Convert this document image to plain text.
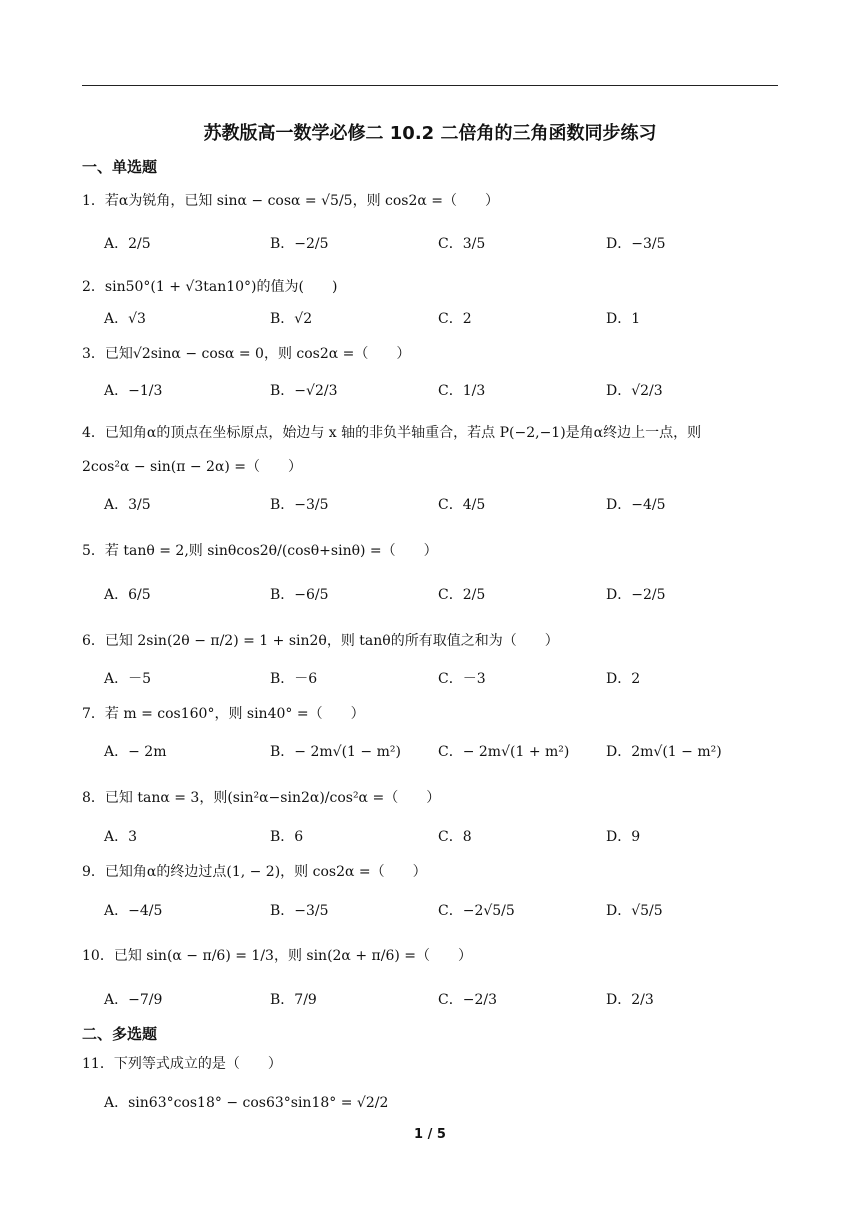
苏教版高一数学必修二 10.2 二倍角的三角函数同步练习
一、单选题
二、多选题
1．若α为锐角，已知 sinα − cosα = √5/5，则 cos2α =（　　）
2．sin50°(1 + √3tan10°)的值为(　　)
3．已知√2sinα − cosα = 0，则 cos2α =（　　）
4．已知角α的顶点在坐标原点，始边与 x 轴的非负半轴重合，若点 P(−2,−1)是角α终边上一点，则
2cos²α − sin(π − 2α) =（　　）
5．若 tanθ = 2,则 sinθcos2θ/(cosθ+sinθ) =（　　）
6．已知 2sin(2θ − π/2) = 1 + sin2θ，则 tanθ的所有取值之和为（　　）
7．若 m = cos160°，则 sin40° =（　　）
8．已知 tanα = 3，则(sin²α−sin2α)/cos²α =（　　）
9．已知角α的终边过点(1, − 2)，则 cos2α =（　　）
10．已知 sin(α − π/6) = 1/3，则 sin(2α + π/6) =（　　）
11．下列等式成立的是（　　）
A．2/5	B．−2/5	C．3/5	D．−3/5
A．√3	B．√2	C．2	D．1
A．−1/3	B．−√2/3	C．1/3	D．√2/3
A．3/5	B．−3/5	C．4/5	D．−4/5
A．6/5	B．−6/5	C．2/5	D．−2/5
A．－5	B．－6	C．－3	D．2
A．− 2m	B．− 2m√(1 − m²)	C．− 2m√(1 + m²)	D．2m√(1 − m²)
A．3	B．6	C．8	D．9
A．−4/5	B．−3/5	C．−2√5/5	D．√5/5
A．−7/9	B．7/9	C．−2/3	D．2/3
A．sin63°cos18° − cos63°sin18° = √2/2
1 / 5
